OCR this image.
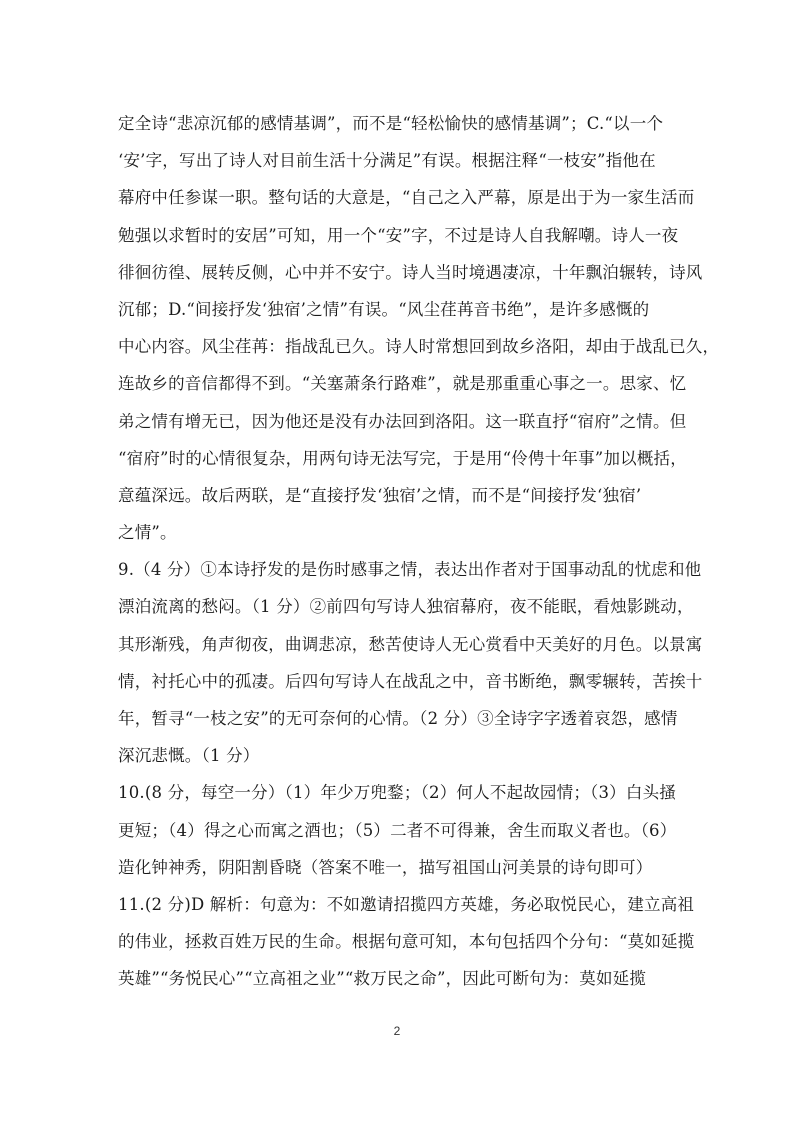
定全诗“悲凉沉郁的感情基调”，而不是“轻松愉快的感情基调”；C.“以一个
‘安’字，写出了诗人对目前生活十分满足”有误。根据注释“一枝安”指他在
幕府中任参谋一职。整句话的大意是，“自己之入严幕，原是出于为一家生活而
勉强以求暂时的安居”可知，用一个“安”字，不过是诗人自我解嘲。诗人一夜
徘徊彷徨、展转反侧，心中并不安宁。诗人当时境遇凄凉，十年飘泊辗转，诗风
沉郁；D.“间接抒发‘独宿’之情”有误。“风尘荏苒音书绝”，是许多感慨的
中心内容。风尘荏苒：指战乱已久。诗人时常想回到故乡洛阳，却由于战乱已久，
连故乡的音信都得不到。“关塞萧条行路难”，就是那重重心事之一。思家、忆
弟之情有增无已，因为他还是没有办法回到洛阳。这一联直抒“宿府”之情。但
“宿府”时的心情很复杂，用两句诗无法写完，于是用“伶俜十年事”加以概括，
意蕴深远。故后两联，是“直接抒发‘独宿’之情，而不是“间接抒发‘独宿’
之情”。
9.（4 分）①本诗抒发的是伤时感事之情，表达出作者对于国事动乱的忧虑和他
漂泊流离的愁闷。（1 分）②前四句写诗人独宿幕府，夜不能眠，看烛影跳动，
其形渐残，角声彻夜，曲调悲凉，愁苦使诗人无心赏看中天美好的月色。以景寓
情，衬托心中的孤凄。后四句写诗人在战乱之中，音书断绝，飘零辗转，苦挨十
年，暂寻“一枝之安”的无可奈何的心情。（2 分）③全诗字字透着哀怨，感情
深沉悲慨。（1 分）
10.(8 分，每空一分）（1）年少万兜鍪；（2）何人不起故园情；（3）白头搔
更短；（4）得之心而寓之酒也；（5）二者不可得兼，舍生而取义者也。（6）
造化钟神秀，阴阳割昏晓（答案不唯一，描写祖国山河美景的诗句即可）
11.(2 分)D 解析：句意为：不如邀请招揽四方英雄，务必取悦民心，建立高祖
的伟业，拯救百姓万民的生命。根据句意可知，本句包括四个分句：“莫如延揽
英雄”“务悦民心”“立高祖之业”“救万民之命”，因此可断句为：莫如延揽
2
